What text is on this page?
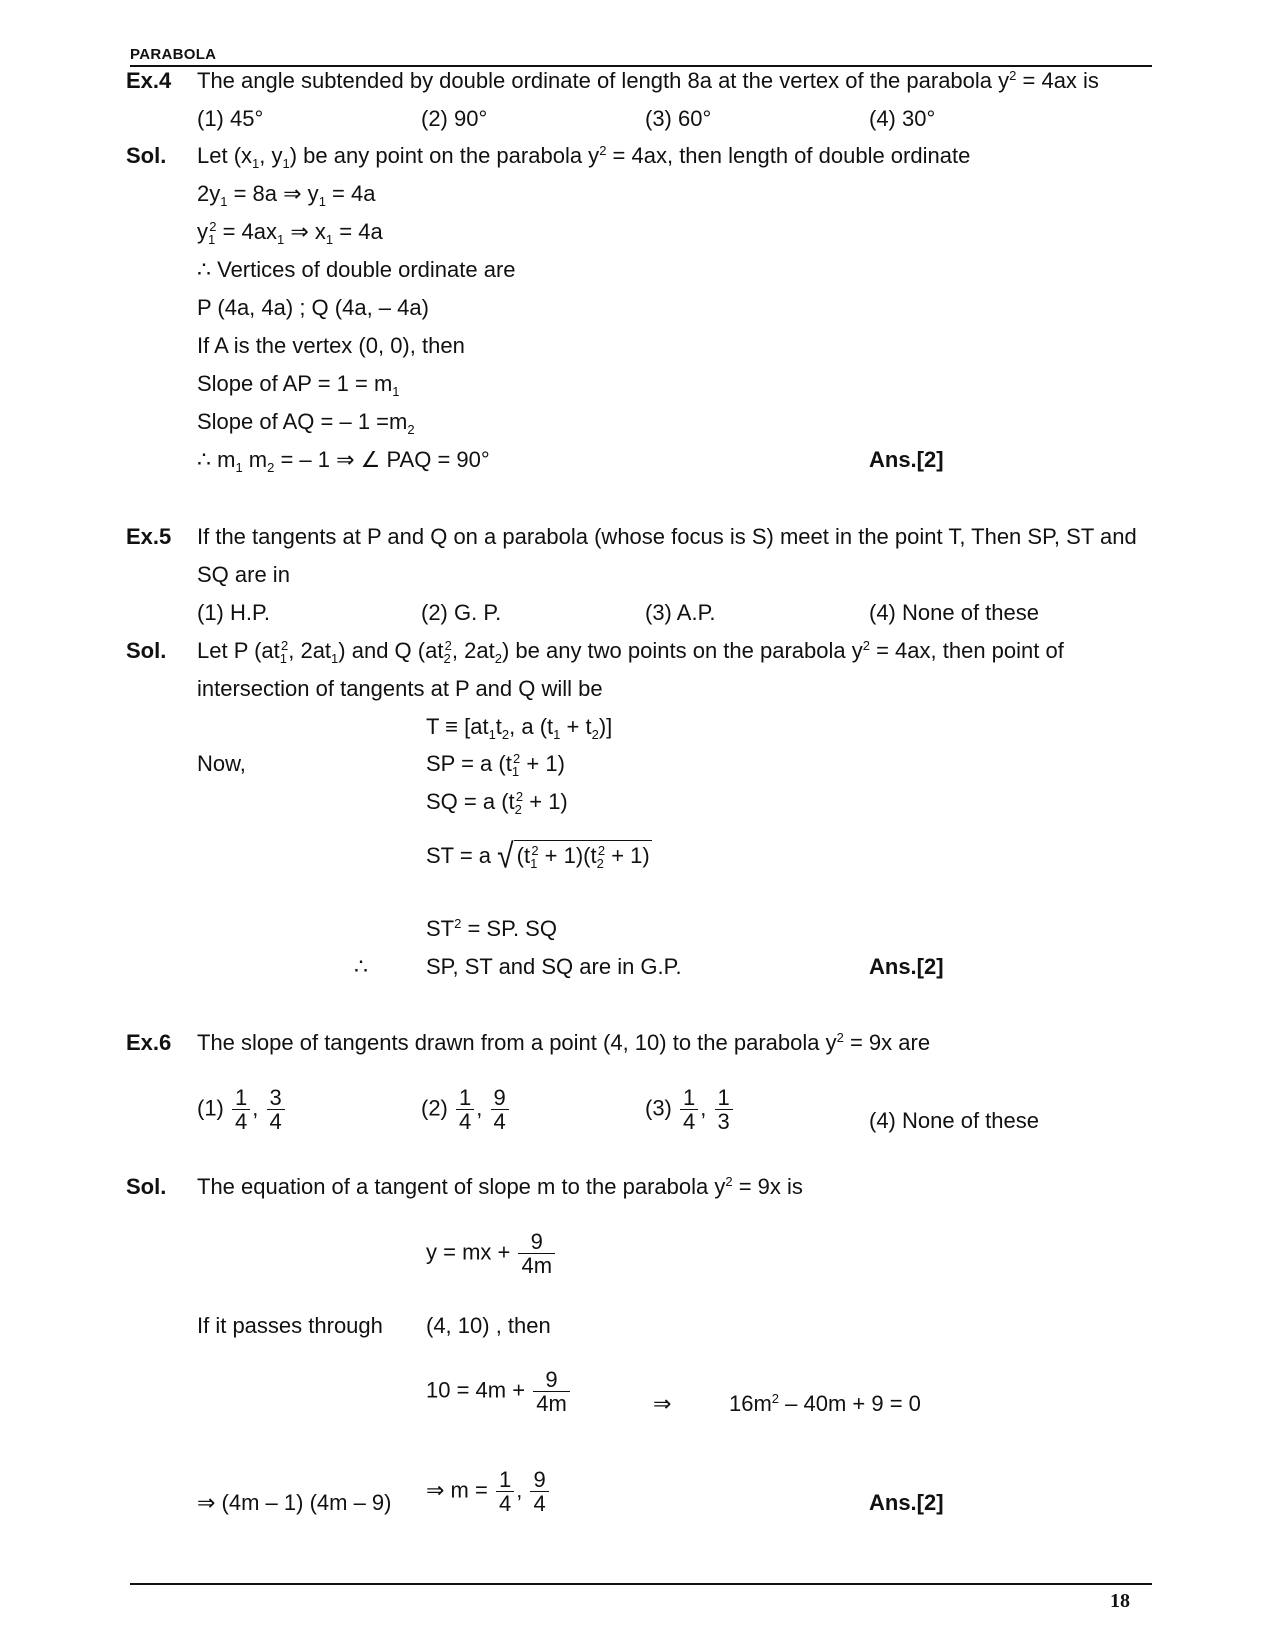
PARABOLA
Ex.4 The angle subtended by double ordinate of length 8a at the vertex of the parabola $y^2 = 4ax$ is
(1) 45°	(2) 90°	(3) 60°	(4) 30°
Sol. Let ($x_1$, $y_1$) be any point on the parabola $y^2 = 4ax$, then length of double ordinate
$2y_1 = 8a$ ⇒ $y_1 = 4a$
$y_1^2 = 4ax_1$ ⇒ $x_1 = 4a$
∴ Vertices of double ordinate are
P (4a, 4a) ; Q (4a, – 4a)
If A is the vertex (0, 0), then
Slope of AP = $1 = m_1$
Slope of AQ = – $1 =m_2$
∴ $m_1$ $m_2$ = – 1 ⇒ ∠ PAQ = 90°	Ans.[2]
Ex.5 If the tangents at P and Q on a parabola (whose focus is S) meet in the point T, Then SP, ST and
SQ are in
(1) H.P.	(2) G. P.	(3) A.P.	(4) None of these
Sol. Let P ($at_1^2$, $2at_1$) and Q ($at_2^2$, $2at_2$) be any two points on the parabola $y^2 = 4ax$, then point of
intersection of tangents at P and Q will be
$T \equiv [at_1t_2$, a $(t_1 + t_2)$]
Now,	SP = a $(t_1^2 + 1)$
SQ = a $(t_2^2 + 1)$
ST = a √ $(t_1^2 + 1)(t_2^2 + 1)$
$ST^2$ = SP. SQ
∴	SP, ST and SQ are in G.P.	Ans.[2]
Ex.6 The slope of tangents drawn from a point (4, 10) to the parabola $y^2 = 9x$ are
$(1) \frac{1}{4}$ , $\frac{3}{4}$	$(2) \frac{1}{4}$ , $\frac{9}{4}$	$(3) \frac{1}{4}$ , $\frac{1}{3}$	(4) None of these
Sol. The equation of a tangent of slope m to the parabola $y^2 = 9x$ is
y = mx + $\frac{9}{4m}$
If it passes through (4, 10) , then
$10 = 4m + \frac{9}{4m}$	⇒	$16m^2 - 40m + 9 = 0$
⇒ (4m – 1) (4m – 9)
⇒ $m = \frac{1}{4}$ , $\frac{9}{4}$	Ans.[2]
18
